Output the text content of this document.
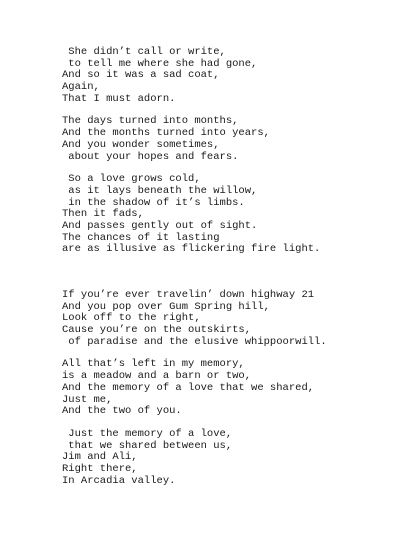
She didn’t call or write,
to tell me where she had gone,
And so it was a sad coat,
Again,
That I must adorn.
The days turned into months,
And the months turned into years,
And you wonder sometimes,
about your hopes and fears.
So a love grows cold,
as it lays beneath the willow,
in the shadow of it’s limbs.
Then it fads,
And passes gently out of sight.
The chances of it lasting
are as illusive as flickering fire light.
If you’re ever travelin’ down highway 21
And you pop over Gum Spring hill,
Look off to the right,
Cause you’re on the outskirts,
of paradise and the elusive whippoorwill.
All that’s left in my memory,
is a meadow and a barn or two,
And the memory of a love that we shared,
Just me,
And the two of you.
Just the memory of a love,
that we shared between us,
Jim and Ali,
Right there,
In Arcadia valley.
